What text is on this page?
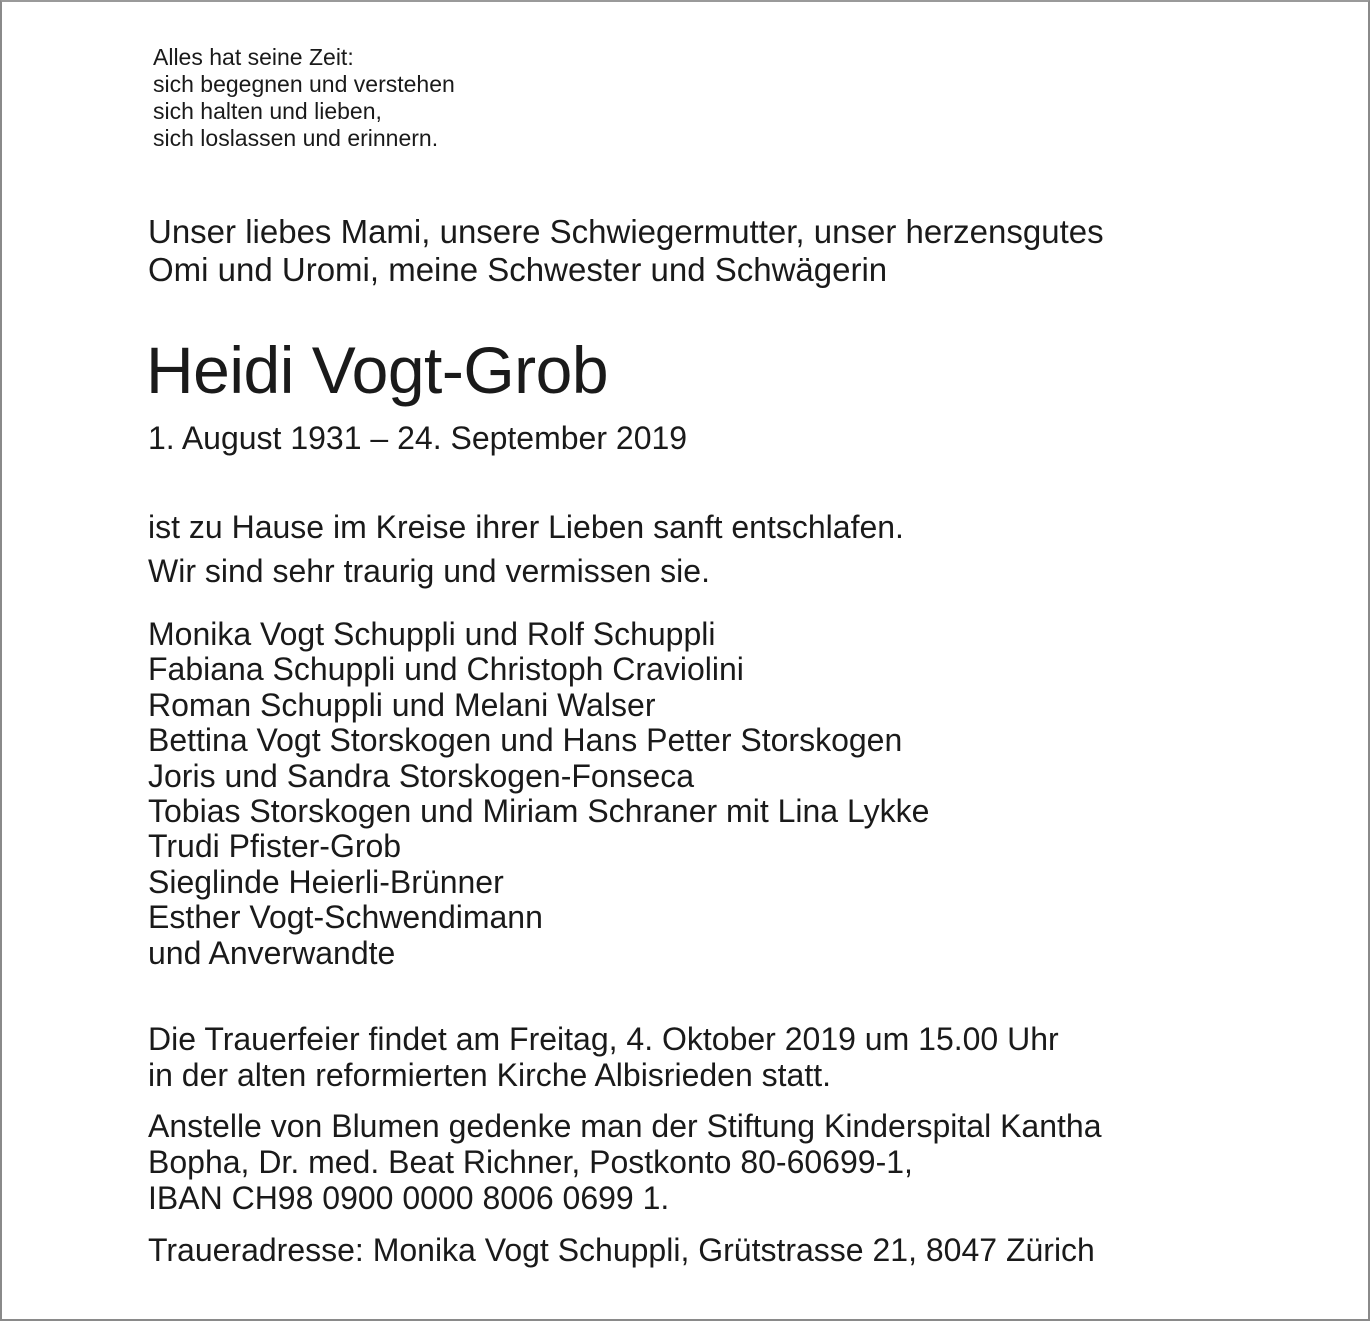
Alles hat seine Zeit:
sich begegnen und verstehen
sich halten und lieben,
sich loslassen und erinnern.
Unser liebes Mami, unsere Schwiegermutter, unser herzensgutes
Omi und Uromi, meine Schwester und Schwägerin
Heidi Vogt-Grob
1. August 1931 – 24. September 2019
ist zu Hause im Kreise ihrer Lieben sanft entschlafen.
Wir sind sehr traurig und vermissen sie.
Monika Vogt Schuppli und Rolf Schuppli
Fabiana Schuppli und Christoph Craviolini
Roman Schuppli und Melani Walser
Bettina Vogt Storskogen und Hans Petter Storskogen
Joris und Sandra Storskogen-Fonseca
Tobias Storskogen und Miriam Schraner mit Lina Lykke
Trudi Pfister-Grob
Sieglinde Heierli-Brünner
Esther Vogt-Schwendimann
und Anverwandte
Die Trauerfeier findet am Freitag, 4. Oktober 2019 um 15.00 Uhr
in der alten reformierten Kirche Albisrieden statt.
Anstelle von Blumen gedenke man der Stiftung Kinderspital Kantha
Bopha, Dr. med. Beat Richner, Postkonto 80-60699-1,
IBAN CH98 0900 0000 8006 0699 1.
Traueradresse: Monika Vogt Schuppli, Grütstrasse 21, 8047 Zürich
